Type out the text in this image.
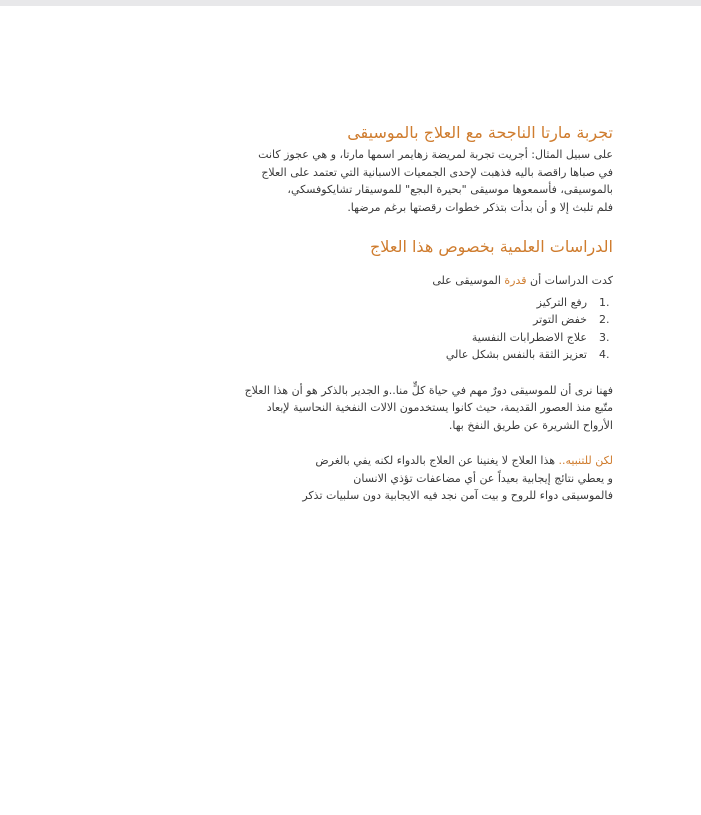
تجربة مارتا الناجحة مع العلاج بالموسيقى

على سبيل المثال: أجريت تجربة لمريضة زهايمر اسمها مارتا، و هي عجوز كانت
في صباها راقصة باليه فذهبت لإحدى الجمعيات الاسبانية التي تعتمد على العلاج
بالموسيقى، فأسمعوها موسيقى "بحيرة البجع" للموسيقار تشايكوفسكي،
فلم تلبث إلا و أن بدأت بتذكر خطوات رقصتها برغم مرضها.

الدراسات العلمية بخصوص هذا العلاج

كدت الدراسات أن قدرة الموسيقى على

1.رفع التركيز
2.خفض التوتر
3.علاج الاضطرابات النفسية
4.تعزيز الثقة بالنفس بشكل عالي

فهنا نرى أن للموسيقى دورٌ مهم في حياة كلٍّ منا..و الجدير بالذكر هو أن هذا العلاج
متّبع منذ العصور القديمة، حيث كانوا يستخدمون الالات النفخية النحاسية لإبعاد
الأرواح الشريرة عن طريق النفخ بها.

لكن للتنبيه.. هذا العلاج لا يغنينا عن العلاج بالدواء لكنه يفي بالغرض
و يعطي نتائج إيجابية بعيداً عن أي مضاعفات تؤذي الانسان
فالموسيقى دواء للروح و بيت آمن نجد فيه الايجابية دون سلبيات تذكر
